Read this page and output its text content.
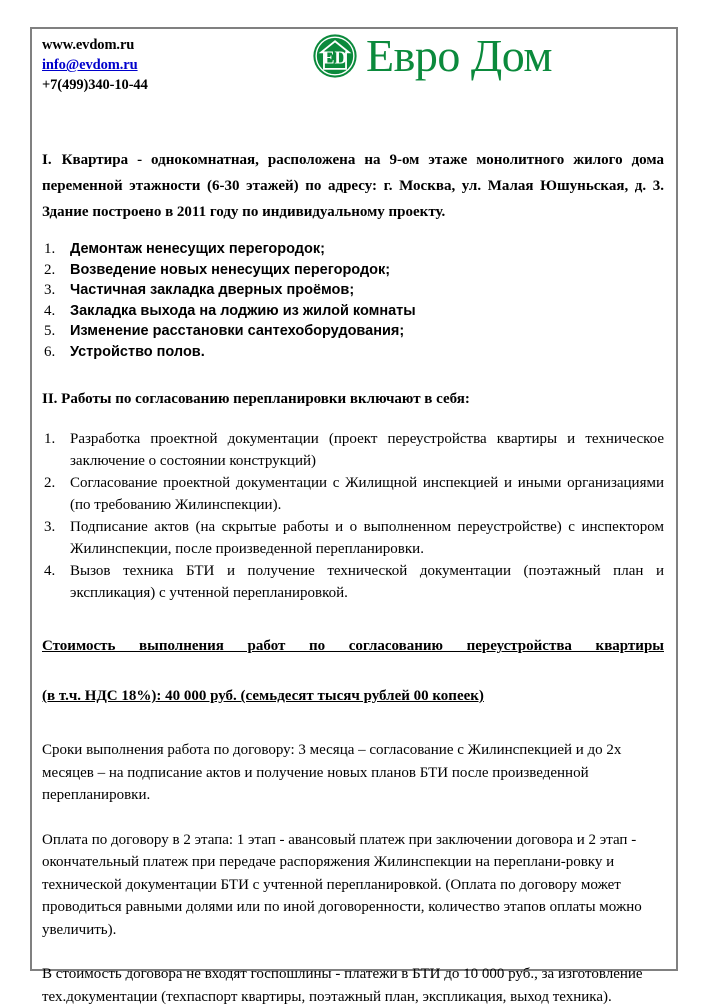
www.evdom.ru
info@evdom.ru
+7(499)340-10-44
ED Евро Дом

I. Квартира - однокомнатная, расположена на 9-ом этаже монолитного жилого дома переменной этажности (6-30 этажей) по адресу: г. Москва, ул. Малая Юшуньская, д. 3. Здание построено в 2011 году по индивидуальному проекту.

1. Демонтаж ненесущих перегородок;
2. Возведение новых ненесущих перегородок;
3. Частичная закладка дверных проёмов;
4. Закладка выхода на лоджию из жилой комнаты
5. Изменение расстановки сантехоборудования;
6. Устройство полов.

II. Работы по согласованию перепланировки включают в себя:

1. Разработка проектной документации (проект переустройства квартиры и техническое заключение о состоянии конструкций)
2. Согласование проектной документации с Жилищной инспекцией и иными организациями (по требованию Жилинспекции).
3. Подписание актов (на скрытые работы и о выполненном переустройстве) с инспектором Жилинспекции, после произведенной перепланировки.
4. Вызов техника БТИ и получение технической документации (поэтажный план и экспликация) с учтенной перепланировкой.
Стоимость выполнения работ по согласованию переустройства квартиры
(в т.ч. НДС 18%): 40 000 руб. (семьдесят тысяч рублей 00 копеек)

Сроки выполнения работа по договору: 3 месяца – согласование с Жилинспекцией и до 2х месяцев – на подписание актов и получение новых планов БТИ после произведенной перепланировки.

Оплата по договору в 2 этапа: 1 этап - авансовый платеж при заключении договора и 2 этап - окончательный платеж при передаче распоряжения Жилинспекции на переплани-ровку и технической документации БТИ с учтенной перепланировкой. (Оплата по договору может проводиться равными долями или по иной договоренности, количество этапов оплаты можно увеличить).

В стоимость договора не входят госпошлины - платежи в БТИ до 10 000 руб., за изготовление тех.документации (техпаспорт квартиры, поэтажный план, экспликация, выход техника).
